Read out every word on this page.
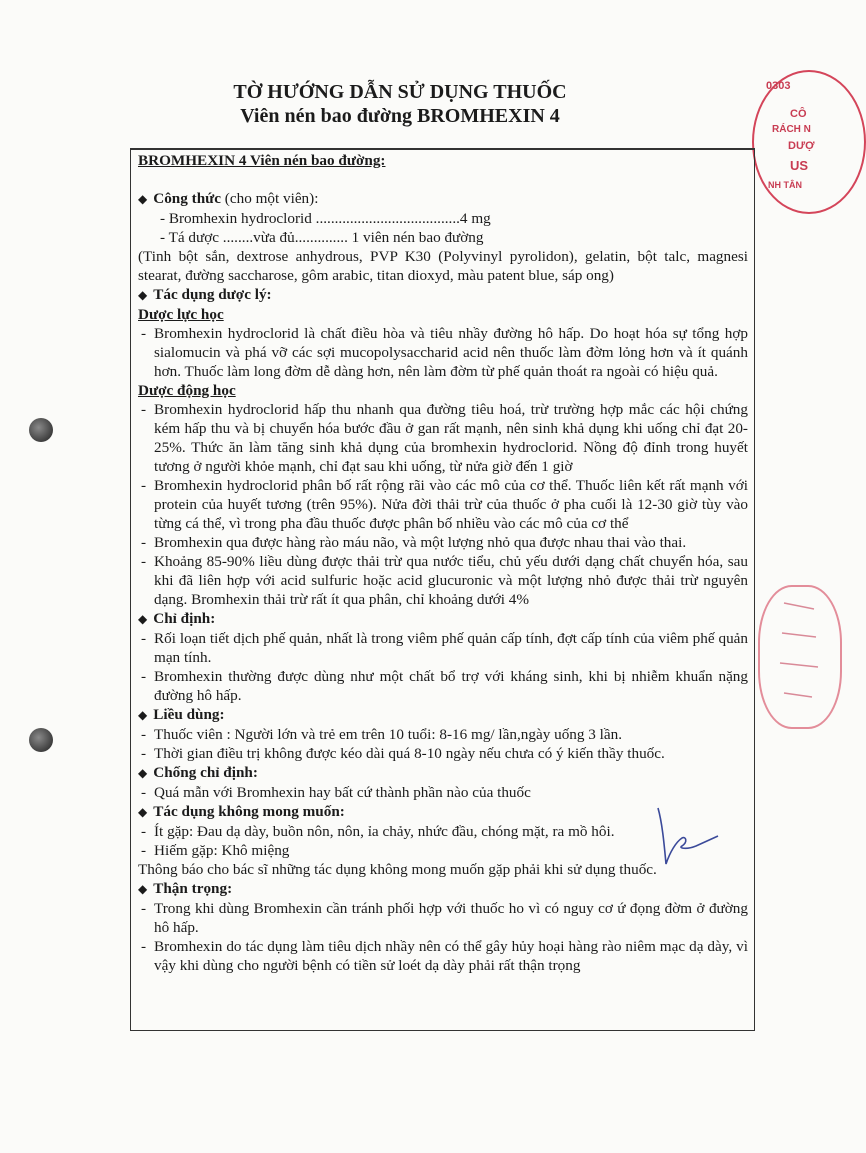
0303
CÔ
RÁCH N
DƯỢ
US
NH TÂN
TỜ HƯỚNG DẪN SỬ DỤNG THUỐC
Viên nén bao đường BROMHEXIN 4
BROMHEXIN 4 Viên nén bao đường:
◆ Công thức (cho một viên):
- Bromhexin hydroclorid ......................................4 mg
- Tá dược ........vừa đủ.............. 1 viên nén bao đường
(Tinh bột sắn, dextrose anhydrous, PVP K30 (Polyvinyl pyrolidon), gelatin, bột talc, magnesi stearat, đường saccharose, gôm arabic, titan dioxyd, màu patent blue, sáp ong)
◆ Tác dụng dược lý:
Dược lực học
- Bromhexin hydroclorid là chất điều hòa và tiêu nhầy đường hô hấp. Do hoạt hóa sự tổng hợp sialomucin và phá vỡ các sợi mucopolysaccharid acid nên thuốc làm đờm lỏng hơn và ít quánh hơn. Thuốc làm long đờm dễ dàng hơn, nên làm đờm từ phế quản thoát ra ngoài có hiệu quả.
Dược động học
- Bromhexin hydroclorid hấp thu nhanh qua đường tiêu hoá, trừ trường hợp mắc các hội chứng kém hấp thu và bị chuyển hóa bước đầu ở gan rất mạnh, nên sinh khả dụng khi uống chỉ đạt 20-25%. Thức ăn làm tăng sinh khả dụng của bromhexin hydroclorid. Nồng độ đỉnh trong huyết tương ở người khỏe mạnh, chỉ đạt sau khi uống, từ nửa giờ đến 1 giờ
- Bromhexin hydroclorid phân bố rất rộng rãi vào các mô của cơ thể. Thuốc liên kết rất mạnh với protein của huyết tương (trên 95%). Nửa đời thải trừ của thuốc ở pha cuối là 12-30 giờ tùy vào từng cá thể, vì trong pha đầu thuốc được phân bố nhiều vào các mô của cơ thể
- Bromhexin qua được hàng rào máu não, và một lượng nhỏ qua được nhau thai vào thai.
- Khoảng 85-90% liều dùng được thải trừ qua nước tiểu, chủ yếu dưới dạng chất chuyển hóa, sau khi đã liên hợp với acid sulfuric hoặc acid glucuronic và một lượng nhỏ được thải trừ nguyên dạng. Bromhexin thải trừ rất ít qua phân, chỉ khoảng dưới 4%
◆ Chỉ định:
- Rối loạn tiết dịch phế quản, nhất là trong viêm phế quản cấp tính, đợt cấp tính của viêm phế quản mạn tính.
- Bromhexin thường được dùng như một chất bổ trợ với kháng sinh, khi bị nhiễm khuẩn nặng đường hô hấp.
◆ Liều dùng:
- Thuốc viên : Người lớn và trẻ em trên 10 tuổi: 8-16 mg/ lần,ngày uống 3 lần.
- Thời gian điều trị không được kéo dài quá 8-10 ngày nếu chưa có ý kiến thầy thuốc.
◆ Chống chỉ định:
- Quá mẫn với Bromhexin hay bất cứ thành phần nào của thuốc
◆ Tác dụng không mong muốn:
- Ít gặp: Đau dạ dày, buồn nôn, nôn, ỉa chảy, nhức đầu, chóng mặt, ra mồ hôi.
- Hiếm gặp: Khô miệng
Thông báo cho bác sĩ những tác dụng không mong muốn gặp phải khi sử dụng thuốc.
◆ Thận trọng:
- Trong khi dùng Bromhexin cần tránh phối hợp với thuốc ho vì có nguy cơ ứ đọng đờm ở đường hô hấp.
- Bromhexin do tác dụng làm tiêu dịch nhầy nên có thể gây hủy hoại hàng rào niêm mạc dạ dày, vì vậy khi dùng cho người bệnh có tiền sử loét dạ dày phải rất thận trọng
